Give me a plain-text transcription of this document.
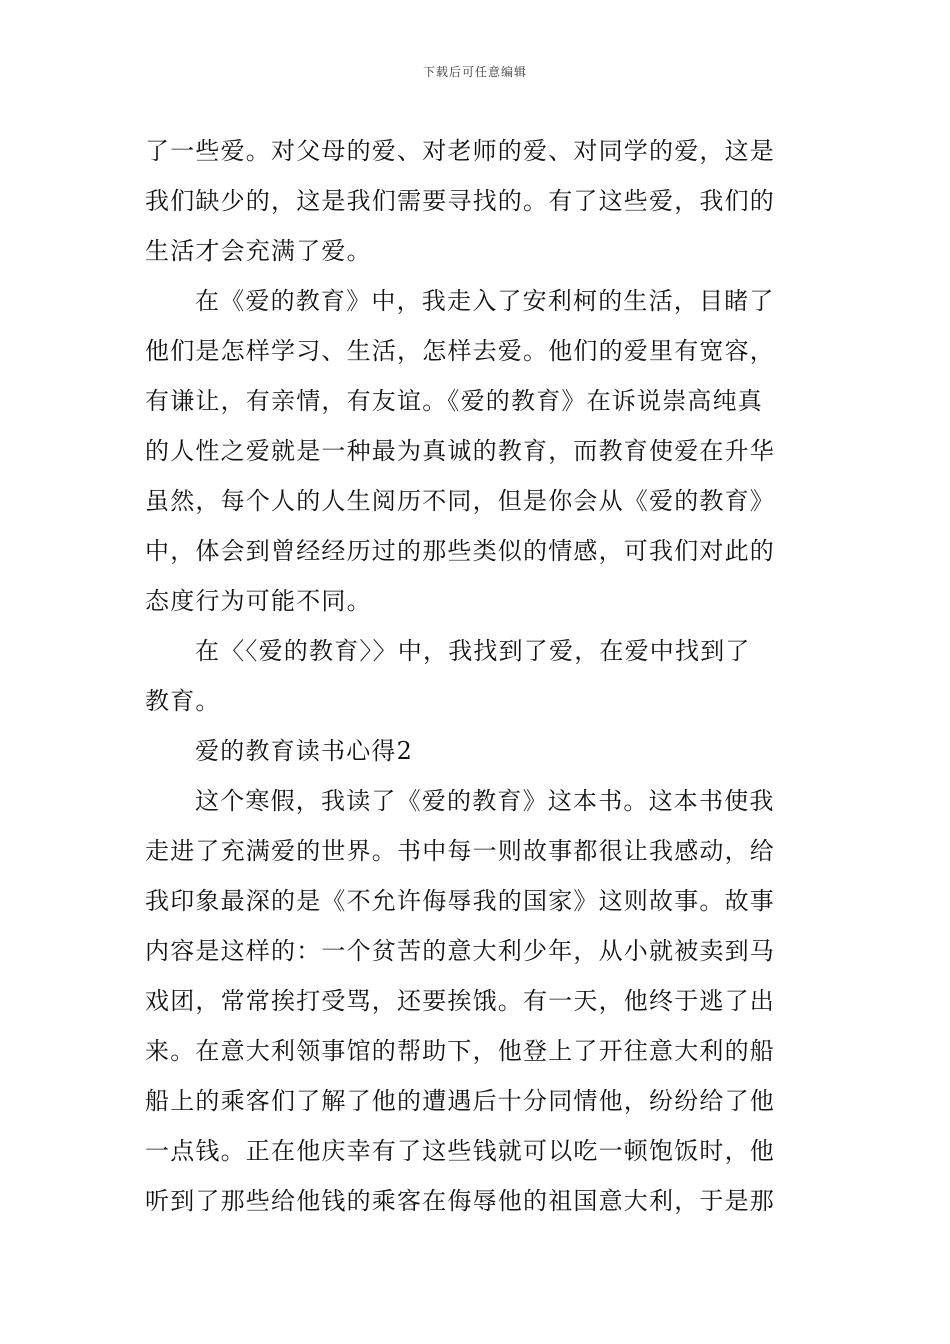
下载后可任意编辑
了一些爱。对父母的爱、对老师的爱、对同学的爱，这是
我们缺少的，这是我们需要寻找的。有了这些爱，我们的
生活才会充满了爱。
在《爱的教育》中，我走入了安利柯的生活，目睹了
他们是怎样学习、生活，怎样去爱。他们的爱里有宽容，
有谦让，有亲情，有友谊。《爱的教育》在诉说崇高纯真
的人性之爱就是一种最为真诚的教育，而教育使爱在升华
虽然，每个人的人生阅历不同，但是你会从《爱的教育》
中，体会到曾经经历过的那些类似的情感，可我们对此的
态度行为可能不同。
在〈〈爱的教育〉〉中，我找到了爱，在爱中找到了
教育。
爱的教育读书心得2
这个寒假，我读了《爱的教育》这本书。这本书使我
走进了充满爱的世界。书中每一则故事都很让我感动，给
我印象最深的是《不允许侮辱我的国家》这则故事。故事
内容是这样的：一个贫苦的意大利少年，从小就被卖到马
戏团，常常挨打受骂，还要挨饿。有一天，他终于逃了出
来。在意大利领事馆的帮助下，他登上了开往意大利的船
船上的乘客们了解了他的遭遇后十分同情他，纷纷给了他
一点钱。正在他庆幸有了这些钱就可以吃一顿饱饭时，他
听到了那些给他钱的乘客在侮辱他的祖国意大利，于是那
